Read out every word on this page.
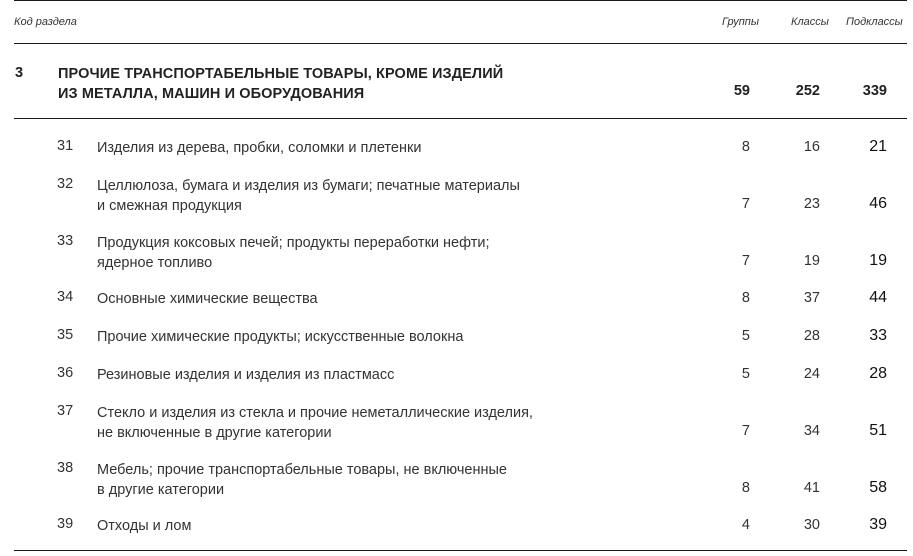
Код раздела	Группы	Классы Подклассы
3 ПРОЧИЕ ТРАНСПОРТАБЕЛЬНЫЕ ТОВАРЫ, КРОМЕ ИЗДЕЛИЙ
ИЗ МЕТАЛЛА, МАШИН И ОБОРУДОВАНИЯ	59	252	339
31 Изделия из дерева, пробки, соломки и плетенки	8	16	21
32 Целлюлоза, бумага и изделия из бумаги; печатные материалы
и смежная продукция	7	23	46
33 Продукция коксовых печей; продукты переработки нефти;
ядерное топливо	7	19	19
34 Основные химические вещества	8	37	44
35 Прочие химические продукты; искусственные волокна	5	28	33
36 Резиновые изделия и изделия из пластмасс	5	24	28
37 Стекло и изделия из стекла и прочие неметаллические изделия,
не включенные в другие категории	7	34	51
38 Мебель; прочие транспортабельные товары, не включенные
в другие категории	8	41	58
39 Отходы и лом	4	30	39
